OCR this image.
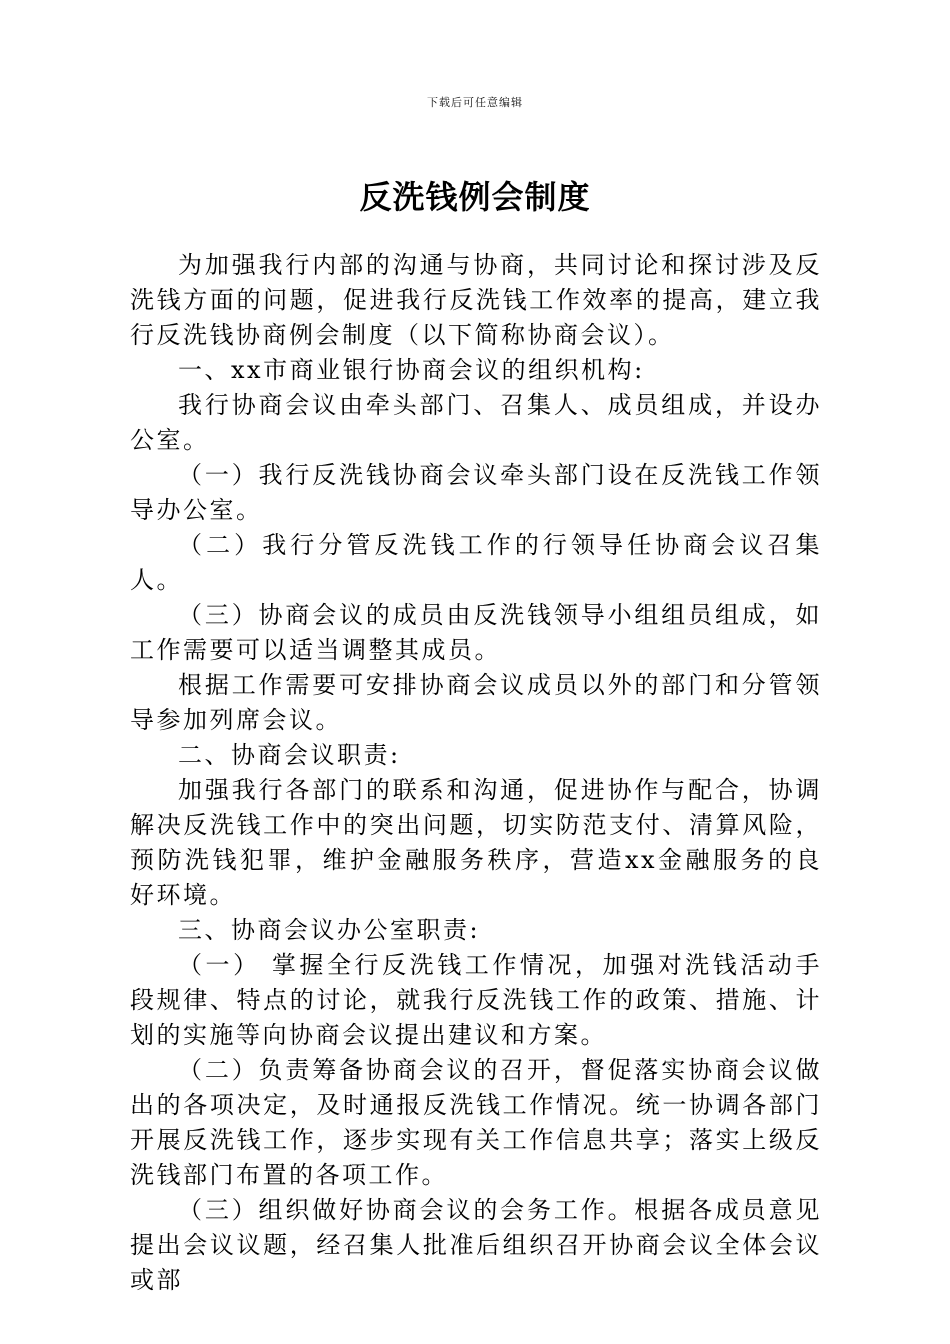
下载后可任意编辑
反洗钱例会制度

为加强我行内部的沟通与协商，共同讨论和探讨涉及反洗钱方面的问题，促进我行反洗钱工作效率的提高，建立我行反洗钱协商例会制度（以下简称协商会议）。

一、xx市商业银行协商会议的组织机构:

我行协商会议由牵头部门、召集人、成员组成，并设办公室。

（一）我行反洗钱协商会议牵头部门设在反洗钱工作领导办公室。

（二）我行分管反洗钱工作的行领导任协商会议召集人。

（三）协商会议的成员由反洗钱领导小组组员组成，如工作需要可以适当调整其成员。

根据工作需要可安排协商会议成员以外的部门和分管领导参加列席会议。

二、协商会议职责:

加强我行各部门的联系和沟通，促进协作与配合，协调解决反洗钱工作中的突出问题，切实防范支付、清算风险，预防洗钱犯罪，维护金融服务秩序，营造xx金融服务的良好环境。

三、协商会议办公室职责:

（一） 掌握全行反洗钱工作情况，加强对洗钱活动手段规律、特点的讨论，就我行反洗钱工作的政策、措施、计划的实施等向协商会议提出建议和方案。

（二）负责筹备协商会议的召开，督促落实协商会议做出的各项决定，及时通报反洗钱工作情况。统一协调各部门开展反洗钱工作，逐步实现有关工作信息共享；落实上级反洗钱部门布置的各项工作。

（三）组织做好协商会议的会务工作。根据各成员意见提出会议议题，经召集人批准后组织召开协商会议全体会议或部
